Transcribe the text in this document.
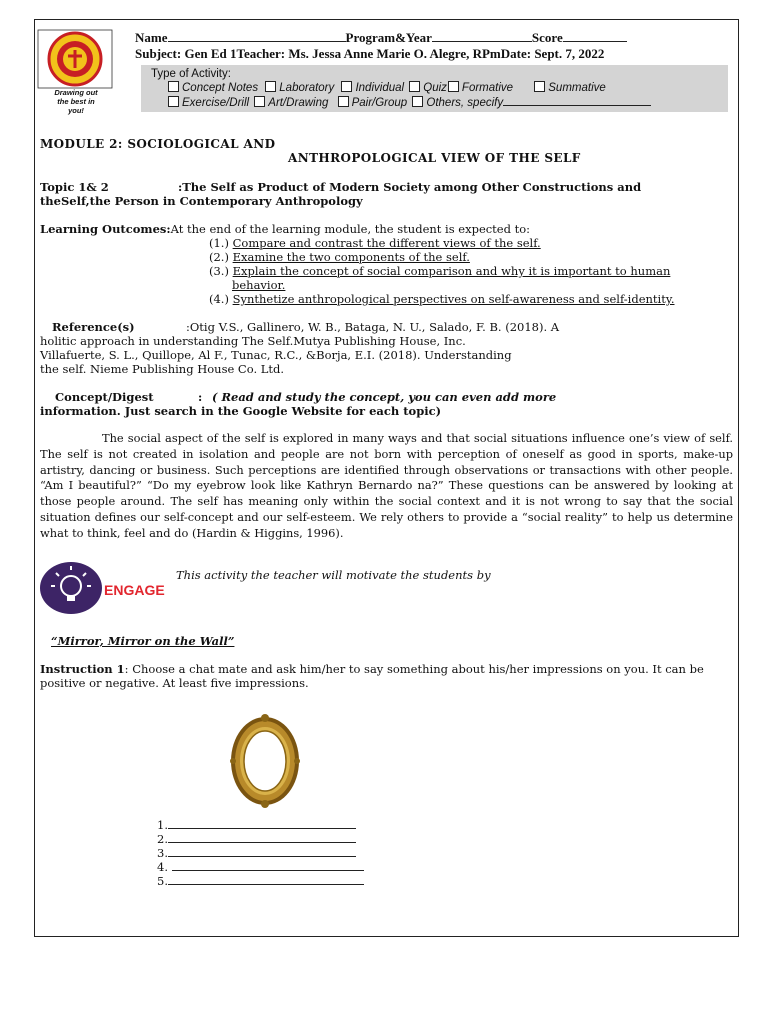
Drawing out the best in you!
Name	Program&Year	Score
Subject: Gen Ed 1Teacher: Ms. Jessa Anne Marie O. Alegre, RPmDate: Sept. 7, 2022
Type of Activity:
Concept Notes Laboratory Individual Quiz Formative	Summative
Exercise/Drill Art/Drawing Pair/Group Others, specify
MODULE 2: SOCIOLOGICAL AND
ANTHROPOLOGICAL VIEW OF THE SELF
Topic 1& 2	:The Self as Product of Modern Society among Other Constructions and
theSelf,the Person in Contemporary Anthropology
Learning Outcomes:At the end of the learning module, the student is expected to:
(1.) Compare and contrast the different views of the self.
(2.) Examine the two components of the self.
(3.) Explain the concept of social comparison and why it is important to human
behavior.
(4.) Synthetize anthropological perspectives on self-awareness and self-identity.
Reference(s)	:Otig V.S., Gallinero, W. B., Bataga, N. U., Salado, F. B. (2018). A
holitic approach in understanding The Self.Mutya Publishing House, Inc.
Villafuerte, S. L., Quillope, Al F., Tunac, R.C., &Borja, E.I. (2018). Understanding
the self. Nieme Publishing House Co. Ltd.
Concept/Digest	: ( Read and study the concept, you can even add more
information. Just search in the Google Website for each topic)
The social aspect of the self is explored in many ways and that social situations influence one’s view of self. The self is not created in isolation and people are not born with perception of oneself as good in sports, make-up artistry, dancing or business. Such perceptions are identified through observations or transactions with other people. “Am I beautiful?” “Do my eyebrow look like Kathryn Bernardo na?” These questions can be answered by looking at those people around. The self has meaning only within the social context and it is not wrong to say that the social situation defines our self-concept and our self-esteem. We rely others to provide a “social reality” to help us determine what to think, feel and do (Hardin & Higgins, 1996).
ENGAGE
This activity the teacher will motivate the students by
“Mirror, Mirror on the Wall”
Instruction 1: Choose a chat mate and ask him/her to say something about his/her impressions on you. It can be
positive or negative. At least five impressions.
1.
2.
3.
4.
5.
